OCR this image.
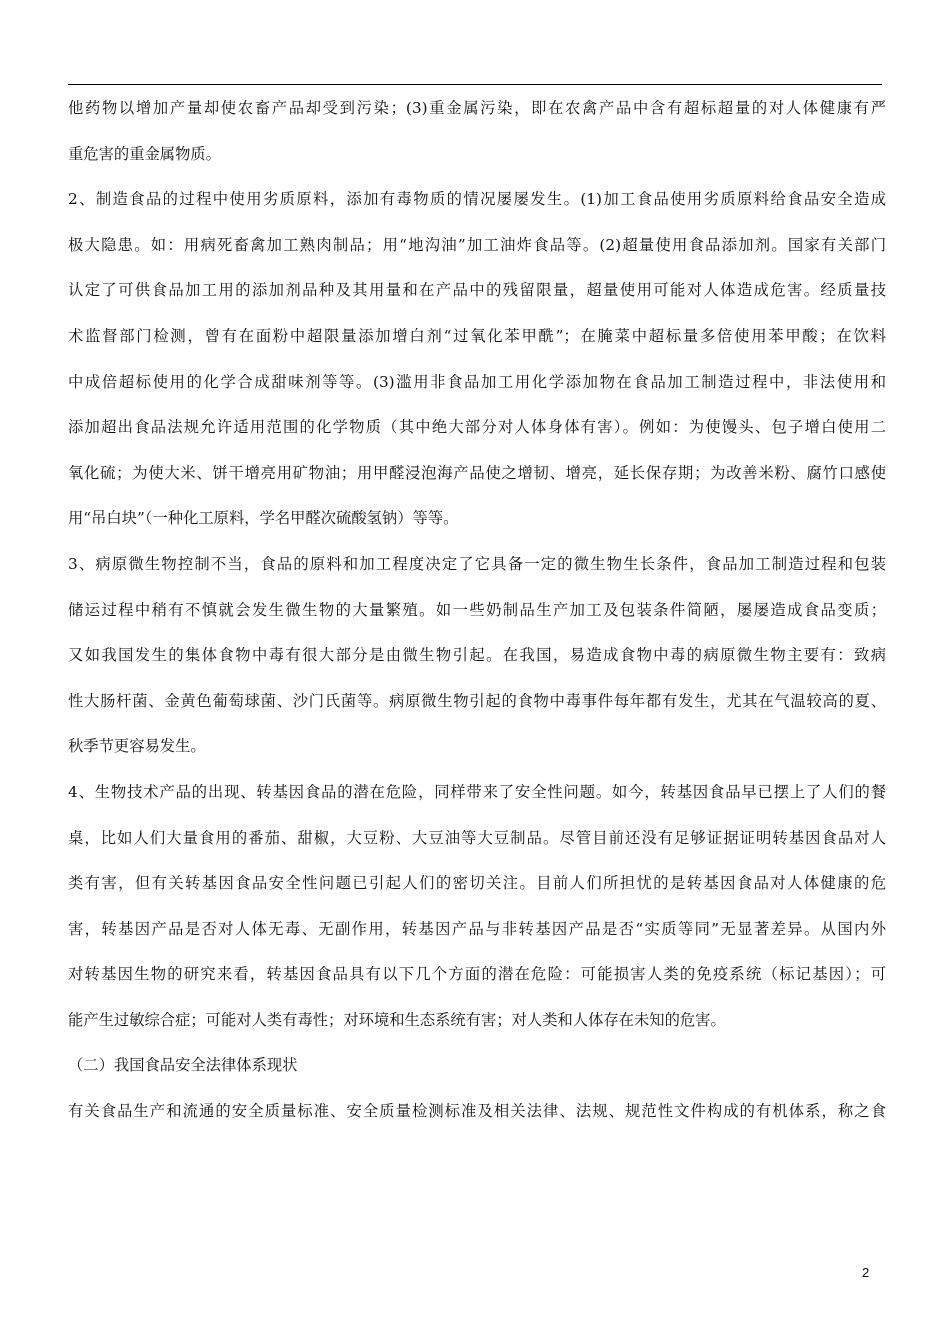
他药物以增加产量却使农畜产品却受到污染；(3)重金属污染，即在农禽产品中含有超标超量的对人体健康有严
重危害的重金属物质。
2、制造食品的过程中使用劣质原料，添加有毒物质的情况屡屡发生。(1)加工食品使用劣质原料给食品安全造成
极大隐患。如：用病死畜禽加工熟肉制品；用“地沟油”加工油炸食品等。(2)超量使用食品添加剂。国家有关部门
认定了可供食品加工用的添加剂品种及其用量和在产品中的残留限量，超量使用可能对人体造成危害。经质量技
术监督部门检测，曾有在面粉中超限量添加增白剂“过氧化苯甲酰”；在腌菜中超标量多倍使用苯甲酸；在饮料
中成倍超标使用的化学合成甜味剂等等。(3)滥用非食品加工用化学添加物在食品加工制造过程中，非法使用和
添加超出食品法规允许适用范围的化学物质（其中绝大部分对人体身体有害）。例如：为使馒头、包子增白使用二
氧化硫；为使大米、饼干增亮用矿物油；用甲醛浸泡海产品使之增韧、增亮，延长保存期；为改善米粉、腐竹口感使
用“吊白块”（一种化工原料，学名甲醛次硫酸氢钠）等等。
3、病原微生物控制不当，食品的原料和加工程度决定了它具备一定的微生物生长条件，食品加工制造过程和包装
储运过程中稍有不慎就会发生微生物的大量繁殖。如一些奶制品生产加工及包装条件简陋，屡屡造成食品变质；
又如我国发生的集体食物中毒有很大部分是由微生物引起。在我国，易造成食物中毒的病原微生物主要有：致病
性大肠杆菌、金黄色葡萄球菌、沙门氏菌等。病原微生物引起的食物中毒事件每年都有发生，尤其在气温较高的夏、
秋季节更容易发生。
4、生物技术产品的出现、转基因食品的潜在危险，同样带来了安全性问题。如今，转基因食品早已摆上了人们的餐
桌，比如人们大量食用的番茄、甜椒，大豆粉、大豆油等大豆制品。尽管目前还没有足够证据证明转基因食品对人
类有害，但有关转基因食品安全性问题已引起人们的密切关注。目前人们所担忧的是转基因食品对人体健康的危
害，转基因产品是否对人体无毒、无副作用，转基因产品与非转基因产品是否“实质等同”无显著差异。从国内外
对转基因生物的研究来看，转基因食品具有以下几个方面的潜在危险：可能损害人类的免疫系统（标记基因）；可
能产生过敏综合症；可能对人类有毒性；对环境和生态系统有害；对人类和人体存在未知的危害。
（二）我国食品安全法律体系现状
有关食品生产和流通的安全质量标准、安全质量检测标准及相关法律、法规、规范性文件构成的有机体系，称之食
2
